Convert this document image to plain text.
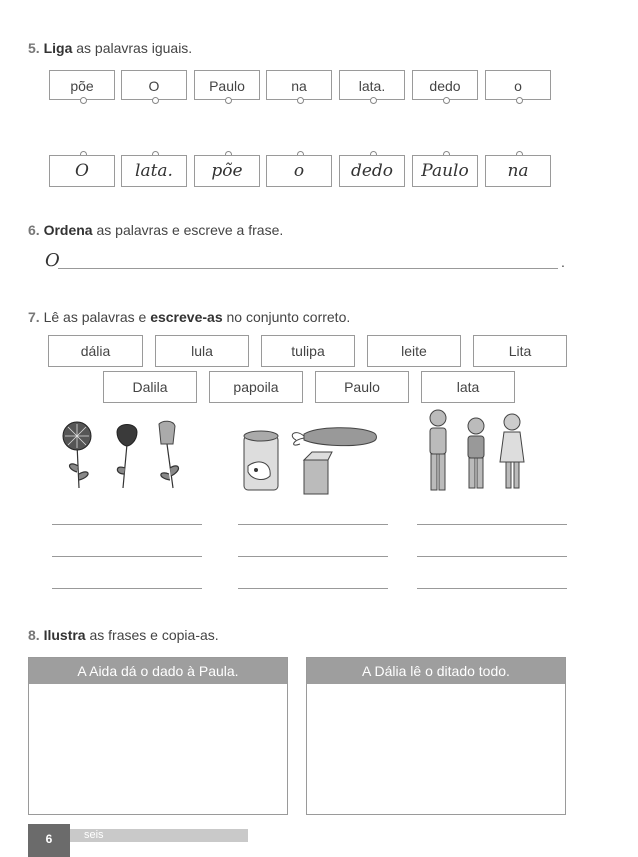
5. Liga as palavras iguais.
põe	O	Paulo	na	lata.	dedo	o
O	lata.	põe	o	dedo	Paulo	na
6. Ordena as palavras e escreve a frase.
O	.
7. Lê as palavras e escreve-as no conjunto correto.
dália	lula	tulipa	leite	Lita
Dalila	papoila	Paulo	lata
8. Ilustra as frases e copia-as.
A Aida dá o dado à Paula.	A Dália lê o ditado todo.
6	seis
